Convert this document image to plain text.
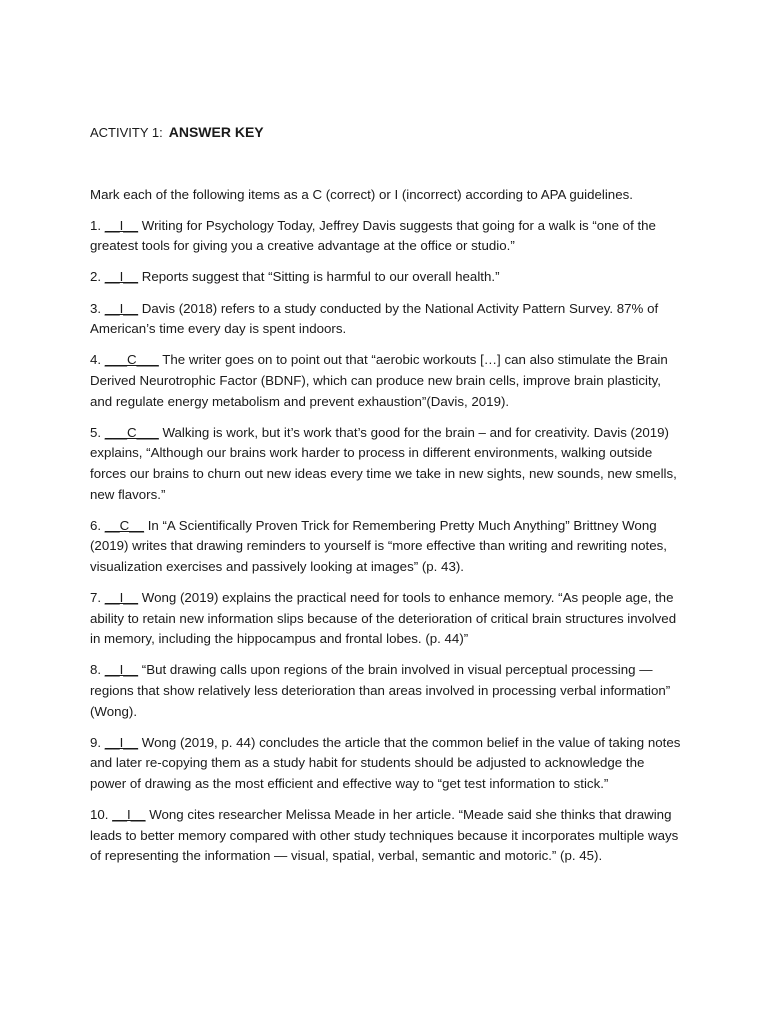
ACTIVITY 1: ANSWER KEY

Mark each of the following items as a C (correct) or I (incorrect) according to APA guidelines.

1. __I__ Writing for Psychology Today, Jeffrey Davis suggests that going for a walk is “one of the greatest tools for giving you a creative advantage at the office or studio.”

2. __I__ Reports suggest that “Sitting is harmful to our overall health.”

3. __I__ Davis (2018) refers to a study conducted by the National Activity Pattern Survey. 87% of American’s time every day is spent indoors.

4. ___C___ The writer goes on to point out that “aerobic workouts […] can also stimulate the Brain Derived Neurotrophic Factor (BDNF), which can produce new brain cells, improve brain plasticity, and regulate energy metabolism and prevent exhaustion”(Davis, 2019).

5. ___C___ Walking is work, but it’s work that’s good for the brain – and for creativity. Davis (2019) explains, “Although our brains work harder to process in different environments, walking outside forces our brains to churn out new ideas every time we take in new sights, new sounds, new smells, new flavors.”

6. __C__ In “A Scientifically Proven Trick for Remembering Pretty Much Anything” Brittney Wong (2019) writes that drawing reminders to yourself is “more effective than writing and rewriting notes, visualization exercises and passively looking at images” (p. 43).

7. __I__ Wong (2019) explains the practical need for tools to enhance memory. “As people age, the ability to retain new information slips because of the deterioration of critical brain structures involved in memory, including the hippocampus and frontal lobes. (p. 44)”

8. __I__ “But drawing calls upon regions of the brain involved in visual perceptual processing — regions that show relatively less deterioration than areas involved in processing verbal information” (Wong).

9. __I__ Wong (2019, p. 44) concludes the article that the common belief in the value of taking notes and later re-copying them as a study habit for students should be adjusted to acknowledge the power of drawing as the most efficient and effective way to “get test information to stick.”

10. __I__ Wong cites researcher Melissa Meade in her article. “Meade said she thinks that drawing leads to better memory compared with other study techniques because it incorporates multiple ways of representing the information — visual, spatial, verbal, semantic and motoric.” (p. 45).
